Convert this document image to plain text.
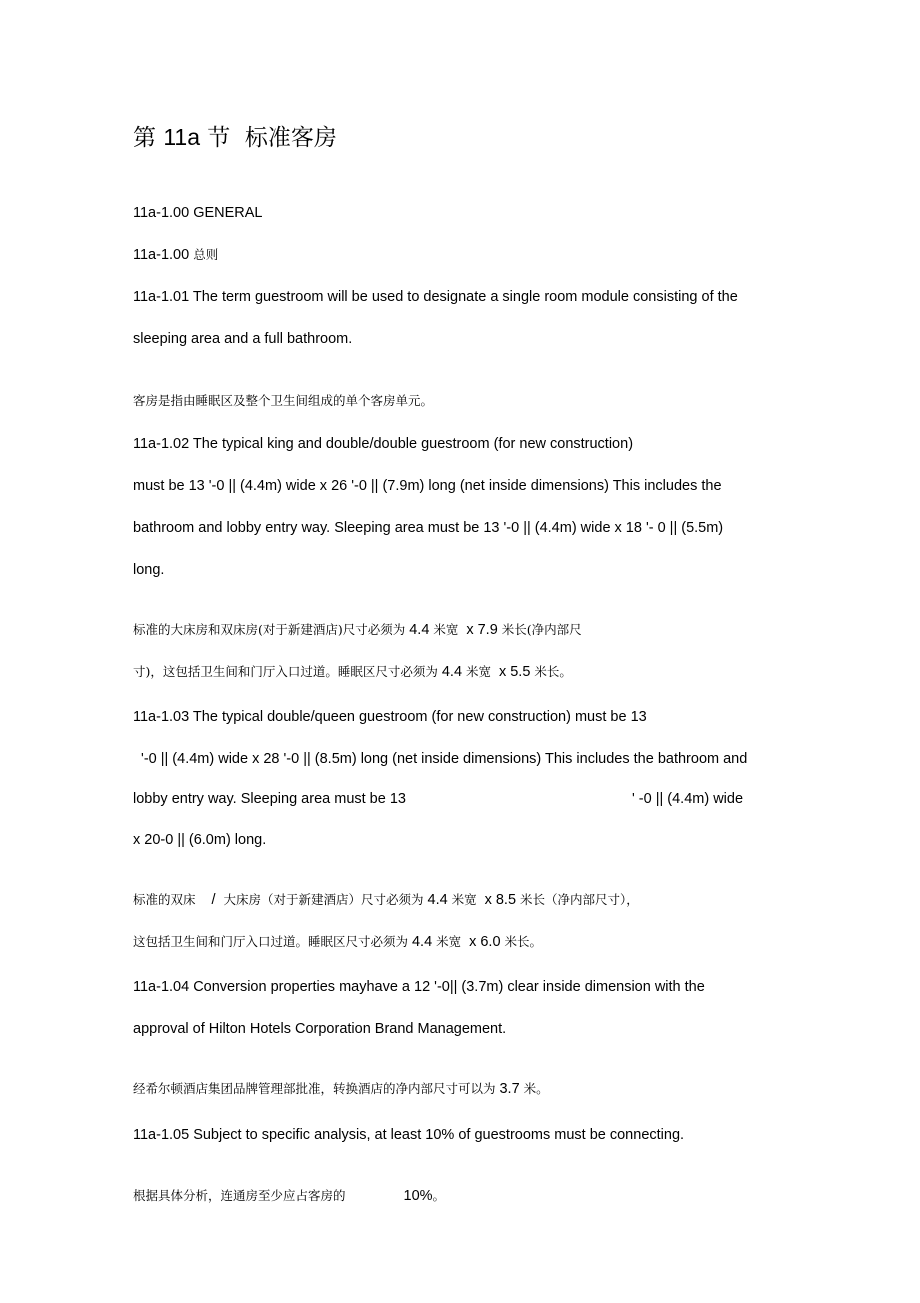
第 11a 节  标准客房
11a-1.00 GENERAL
11a-1.00 总则
11a-1.01 The term guestroom will be used to designate a single room module consisting of the
sleeping area and a full bathroom.
客房是指由睡眠区及整个卫生间组成的单个客房单元。
11a-1.02 The typical king and double/double guestroom (for new construction)
must be 13 '-0 || (4.4m) wide x 26 '-0 || (7.9m) long (net inside dimensions) This includes the
bathroom and lobby entry way. Sleeping area must be 13 '-0 || (4.4m) wide x 18 '- 0 || (5.5m)
long.
标准的大床房和双床房(对于新建酒店)尺寸必须为 4.4 米宽  x 7.9 米长(净内部尺
寸)，这包括卫生间和门厅入口过道。睡眠区尺寸必须为 4.4 米宽  x 5.5 米长。
11a-1.03 The typical double/queen guestroom (for new construction) must be 13
'-0 || (4.4m) wide x 28 '-0 || (8.5m) long (net inside dimensions) This includes the bathroom and
lobby entry way. Sleeping area must be 13	' -0 || (4.4m) wide
x 20-0 || (6.0m) long.
标准的双床 / 大床房（对于新建酒店）尺寸必须为 4.4 米宽  x 8.5 米长（净内部尺寸），
这包括卫生间和门厅入口过道。睡眠区尺寸必须为 4.4 米宽  x 6.0 米长。
11a-1.04 Conversion properties mayhave a 12 '-0|| (3.7m) clear inside dimension with the
approval of Hilton Hotels Corporation Brand Management.
经希尔顿酒店集团品牌管理部批准，转换酒店的净内部尺寸可以为 3.7 米。
11a-1.05 Subject to specific analysis, at least 10% of guestrooms must be connecting.
根据具体分析，连通房至少应占客房的	10%。
